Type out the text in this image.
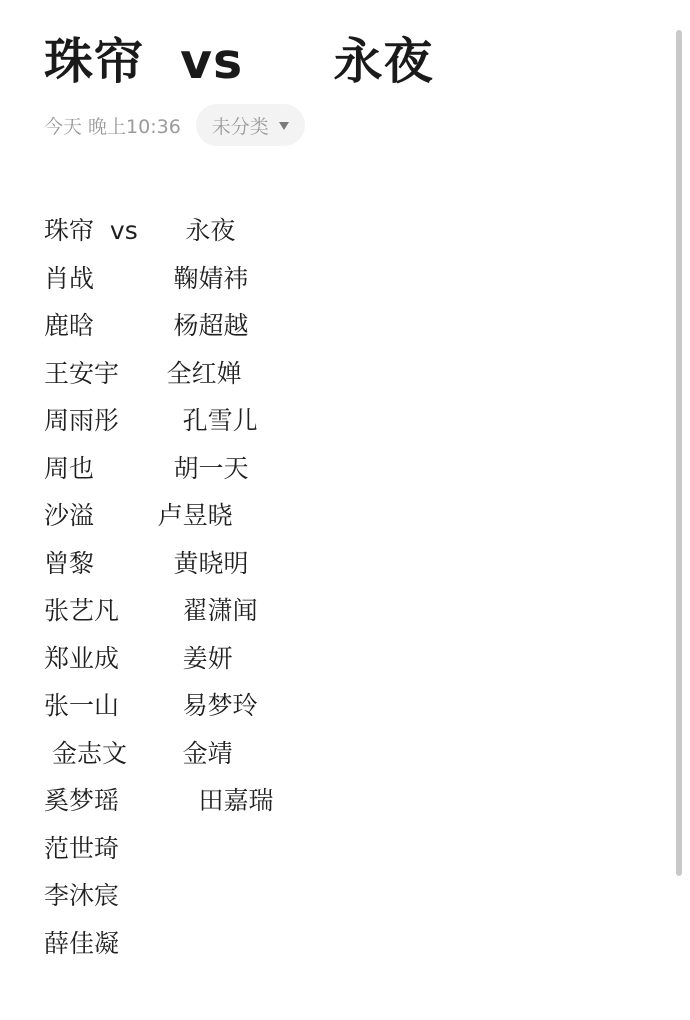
珠帘  vs     永夜
今天 晚上10:36 未分类
珠帘  vs      永夜
肖战          鞠婧祎
鹿晗          杨超越
王安宇      全红婵
周雨彤        孔雪儿
周也          胡一天
沙溢        卢昱晓
曾黎          黄晓明
张艺凡        翟潇闻
郑业成        姜妍
张一山        易梦玲
金志文       金靖
奚梦瑶          田嘉瑞
范世琦
李沐宸
薛佳凝
